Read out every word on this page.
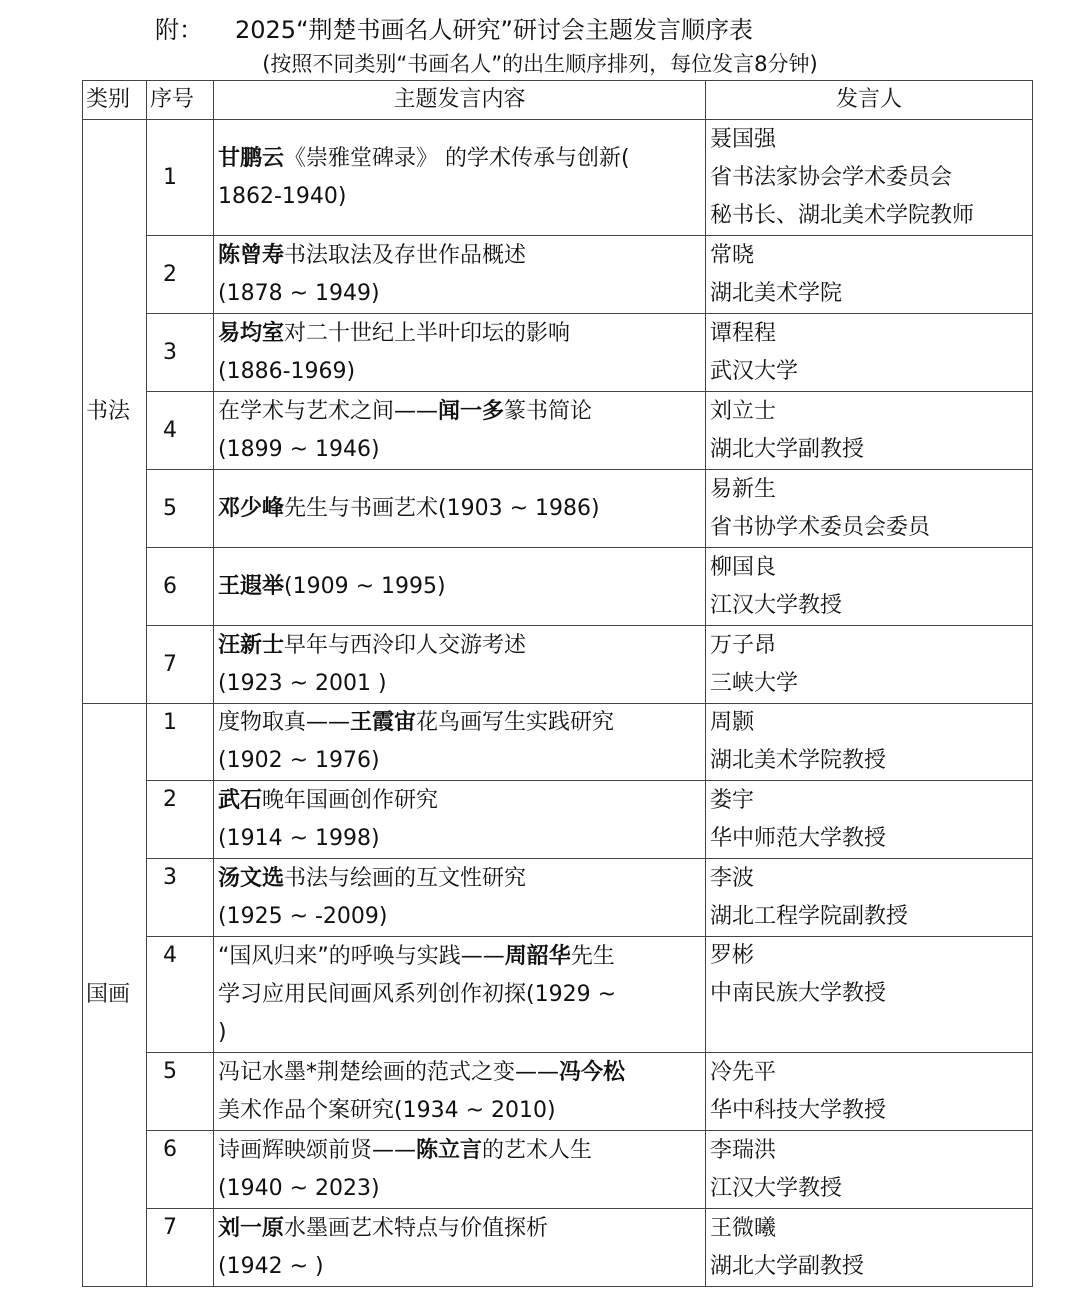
附： 2025“荆楚书画名人研究”研讨会主题发言顺序表
(按照不同类别“书画名人”的出生顺序排列，每位发言8分钟)
类别	序号	主题发言内容	发言人
书法	1	甘鹏云《崇雅堂碑录》 的学术传承与创新(
1862-1940)	聂国强
省书法家协会学术委员会
秘书长、湖北美术学院教师

	2	陈曾寿书法取法及存世作品概述
(1878 ~ 1949)	常晓
湖北美术学院

	3	易均室对二十世纪上半叶印坛的影响
(1886-1969)	谭程程
武汉大学

	4	在学术与艺术之间——闻一多篆书简论
(1899 ~ 1946)	刘立士
湖北大学副教授

	5	邓少峰先生与书画艺术(1903 ~ 1986)	易新生
省书协学术委员会委员

	6	王遐举(1909 ~ 1995)	柳国良
江汉大学教授

	7	汪新士早年与西泠印人交游考述
(1923 ~ 2001 )	万子昂
三峡大学

国画	1	度物取真——王霞宙花鸟画写生实践研究
(1902 ~ 1976)	周颢
湖北美术学院教授

	2	武石晚年国画创作研究
(1914 ~ 1998)	娄宇
华中师范大学教授

	3	汤文选书法与绘画的互文性研究
(1925 ~ -2009)	李波
湖北工程学院副教授

	4	“国风归来”的呼唤与实践——周韶华先生
学习应用民间画风系列创作初探(1929 ~
)	罗彬
中南民族大学教授

	5	冯记水墨*荆楚绘画的范式之变——冯今松
美术作品个案研究(1934 ~ 2010)	冷先平
华中科技大学教授

	6	诗画辉映颂前贤——陈立言的艺术人生
(1940 ~ 2023)	李瑞洪
江汉大学教授

	7	刘一原水墨画艺术特点与价值探析
(1942 ~ )	王微曦
湖北大学副教授
